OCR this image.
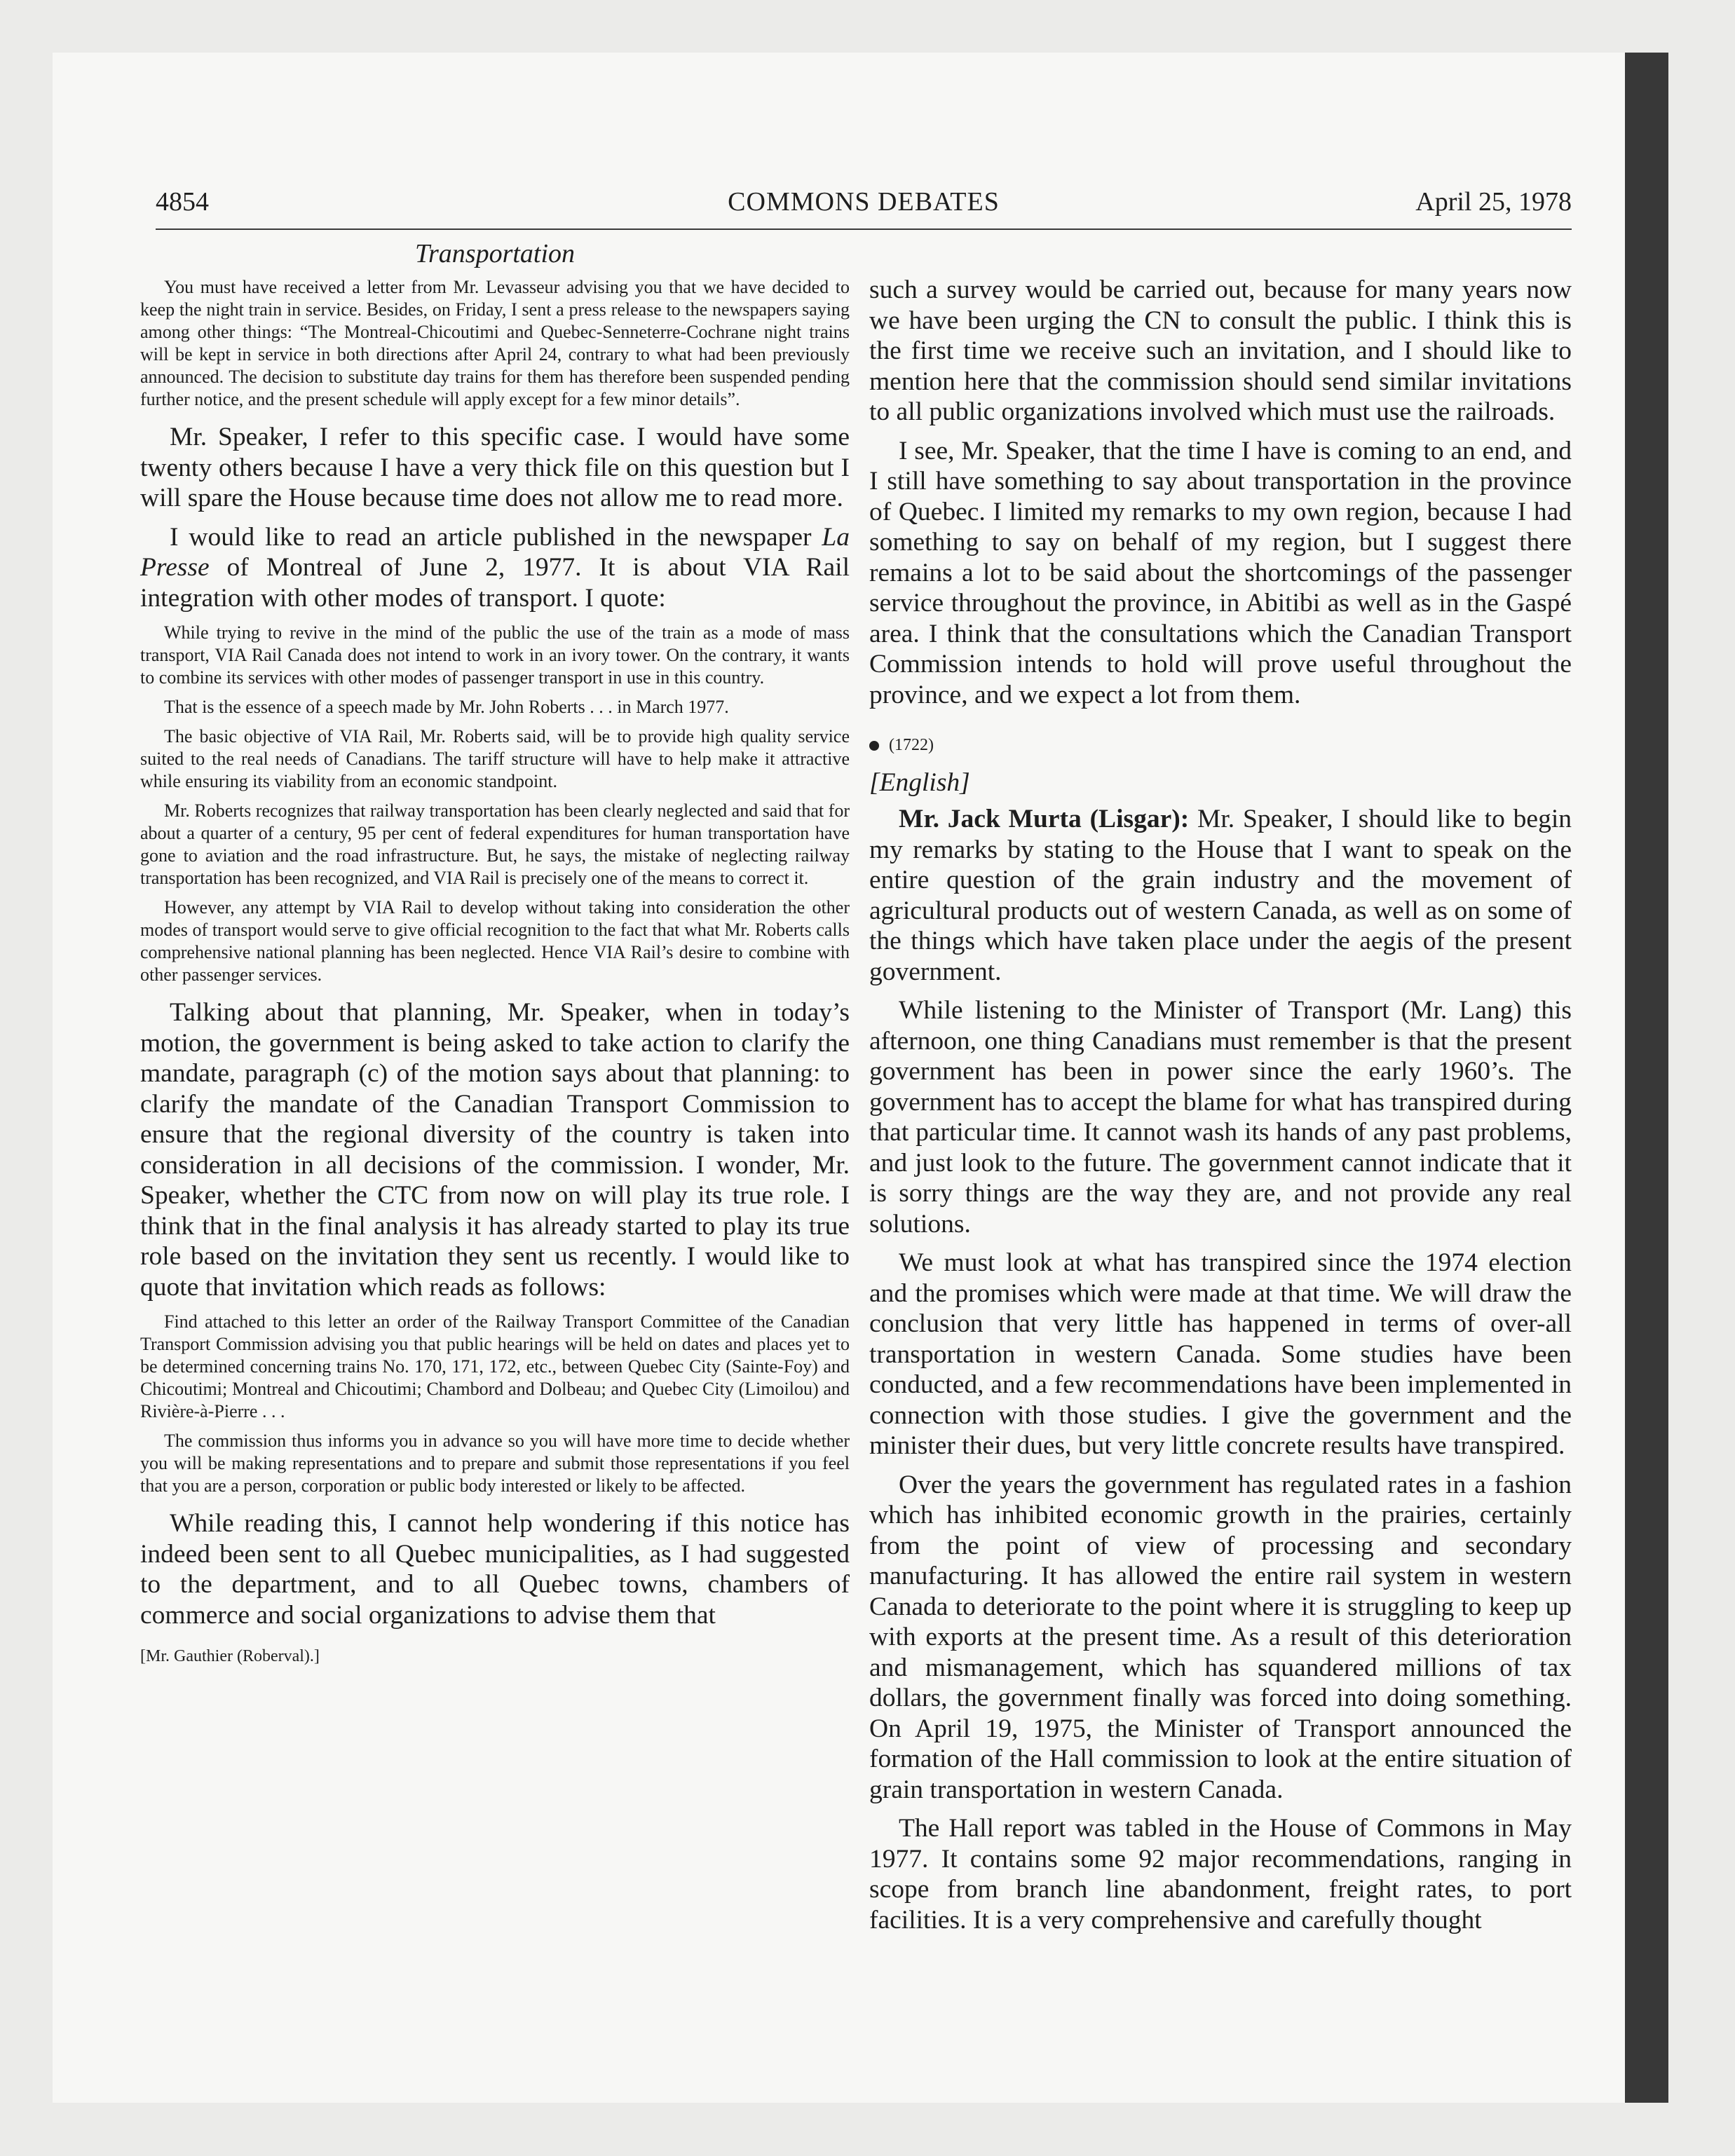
4854	COMMONS DEBATES	April 25, 1978
Transportation

You must have received a letter from Mr. Levasseur advising you that we have decided to keep the night train in service. Besides, on Friday, I sent a press release to the newspapers saying among other things: “The Montreal-Chicoutimi and Quebec-Senneterre-Cochrane night trains will be kept in service in both directions after April 24, contrary to what had been previously announced. The decision to substitute day trains for them has therefore been suspended pending further notice, and the present schedule will apply except for a few minor details”.

Mr. Speaker, I refer to this specific case. I would have some twenty others because I have a very thick file on this question but I will spare the House because time does not allow me to read more.

I would like to read an article published in the newspaper La Presse of Montreal of June 2, 1977. It is about VIA Rail integration with other modes of transport. I quote:

While trying to revive in the mind of the public the use of the train as a mode of mass transport, VIA Rail Canada does not intend to work in an ivory tower. On the contrary, it wants to combine its services with other modes of passenger transport in use in this country.

That is the essence of a speech made by Mr. John Roberts . . . in March 1977.

The basic objective of VIA Rail, Mr. Roberts said, will be to provide high quality service suited to the real needs of Canadians. The tariff structure will have to help make it attractive while ensuring its viability from an economic standpoint.

Mr. Roberts recognizes that railway transportation has been clearly neglected and said that for about a quarter of a century, 95 per cent of federal expenditures for human transportation have gone to aviation and the road infrastructure. But, he says, the mistake of neglecting railway transportation has been recognized, and VIA Rail is precisely one of the means to correct it.

However, any attempt by VIA Rail to develop without taking into consideration the other modes of transport would serve to give official recognition to the fact that what Mr. Roberts calls comprehensive national planning has been neglected. Hence VIA Rail’s desire to combine with other passenger services.

Talking about that planning, Mr. Speaker, when in today’s motion, the government is being asked to take action to clarify the mandate, paragraph (c) of the motion says about that planning: to clarify the mandate of the Canadian Transport Commission to ensure that the regional diversity of the country is taken into consideration in all decisions of the commission. I wonder, Mr. Speaker, whether the CTC from now on will play its true role. I think that in the final analysis it has already started to play its true role based on the invitation they sent us recently. I would like to quote that invitation which reads as follows:

Find attached to this letter an order of the Railway Transport Committee of the Canadian Transport Commission advising you that public hearings will be held on dates and places yet to be determined concerning trains No. 170, 171, 172, etc., between Quebec City (Sainte-Foy) and Chicoutimi; Montreal and Chicoutimi; Chambord and Dolbeau; and Quebec City (Limoilou) and Rivière-à-Pierre . . .

The commission thus informs you in advance so you will have more time to decide whether you will be making representations and to prepare and submit those representations if you feel that you are a person, corporation or public body interested or likely to be affected.

While reading this, I cannot help wondering if this notice has indeed been sent to all Quebec municipalities, as I had suggested to the department, and to all Quebec towns, chambers of commerce and social organizations to advise them that

[Mr. Gauthier (Roberval).]

such a survey would be carried out, because for many years now we have been urging the CN to consult the public. I think this is the first time we receive such an invitation, and I should like to mention here that the commission should send similar invitations to all public organizations involved which must use the railroads.

I see, Mr. Speaker, that the time I have is coming to an end, and I still have something to say about transportation in the province of Quebec. I limited my remarks to my own region, because I had something to say on behalf of my region, but I suggest there remains a lot to be said about the shortcomings of the passenger service throughout the province, in Abitibi as well as in the Gaspé area. I think that the consultations which the Canadian Transport Commission intends to hold will prove useful throughout the province, and we expect a lot from them.

(1722)
[English]

Mr. Jack Murta (Lisgar): Mr. Speaker, I should like to begin my remarks by stating to the House that I want to speak on the entire question of the grain industry and the movement of agricultural products out of western Canada, as well as on some of the things which have taken place under the aegis of the present government.

While listening to the Minister of Transport (Mr. Lang) this afternoon, one thing Canadians must remember is that the present government has been in power since the early 1960’s. The government has to accept the blame for what has transpired during that particular time. It cannot wash its hands of any past problems, and just look to the future. The government cannot indicate that it is sorry things are the way they are, and not provide any real solutions.

We must look at what has transpired since the 1974 election and the promises which were made at that time. We will draw the conclusion that very little has happened in terms of over-all transportation in western Canada. Some studies have been conducted, and a few recommendations have been implemented in connection with those studies. I give the government and the minister their dues, but very little concrete results have transpired.

Over the years the government has regulated rates in a fashion which has inhibited economic growth in the prairies, certainly from the point of view of processing and secondary manufacturing. It has allowed the entire rail system in western Canada to deteriorate to the point where it is struggling to keep up with exports at the present time. As a result of this deterioration and mismanagement, which has squandered millions of tax dollars, the government finally was forced into doing something. On April 19, 1975, the Minister of Transport announced the formation of the Hall commission to look at the entire situation of grain transportation in western Canada.

The Hall report was tabled in the House of Commons in May 1977. It contains some 92 major recommendations, ranging in scope from branch line abandonment, freight rates, to port facilities. It is a very comprehensive and carefully thought
